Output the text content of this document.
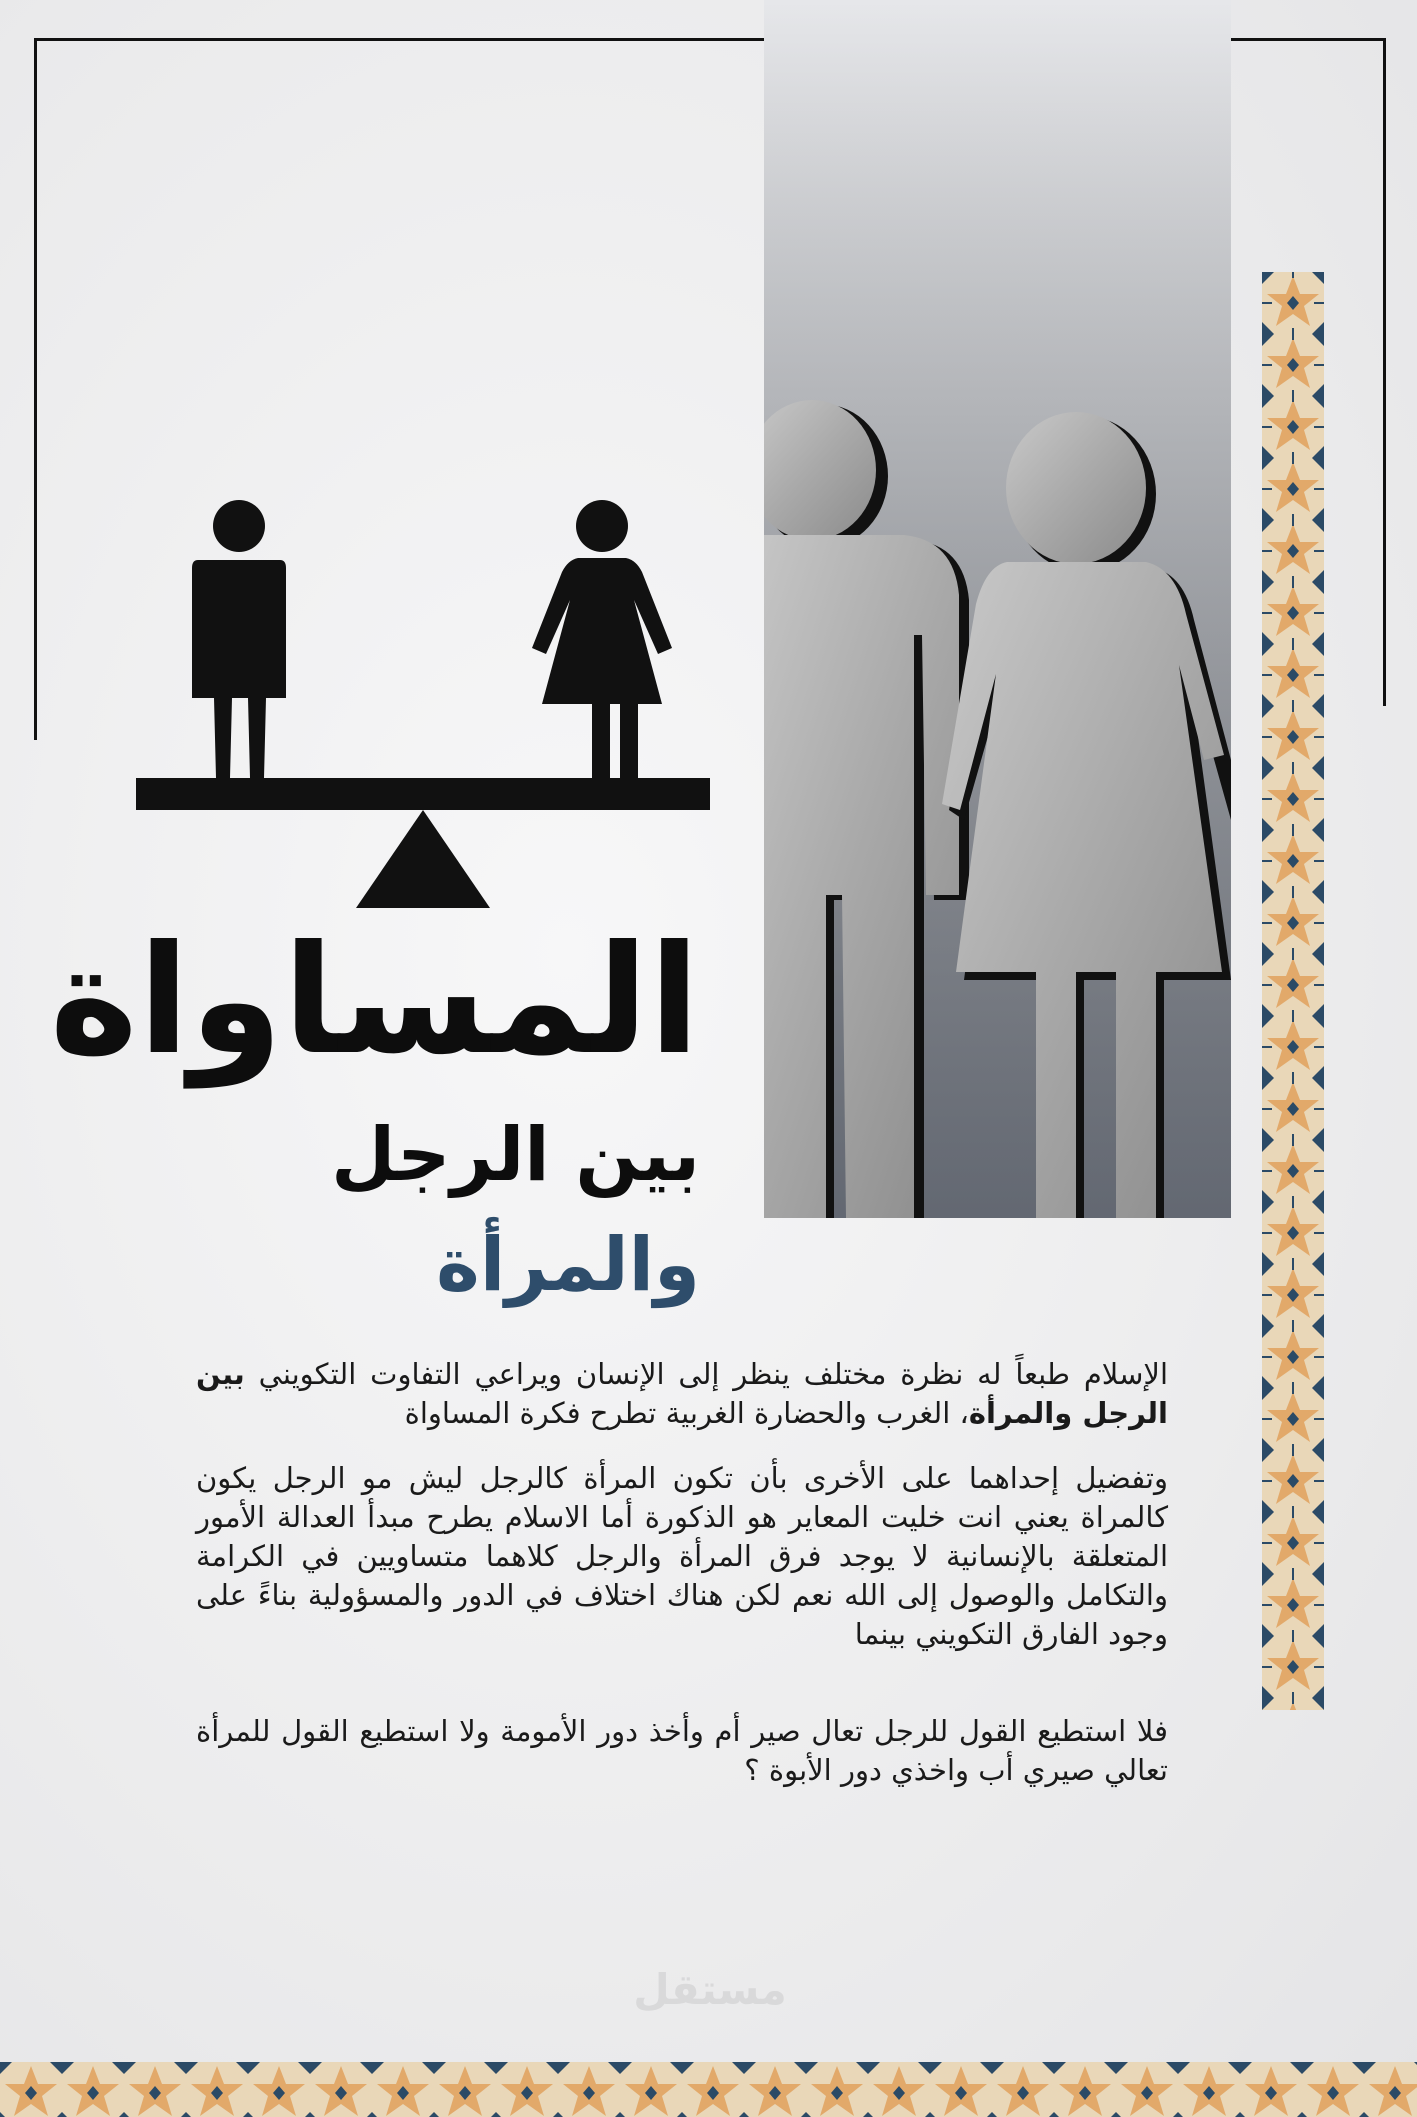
المساواة
بين الرجل والمرأة

الإسلام طبعاً له نظرة مختلف ينظر إلى الإنسان ويراعي التفاوت التكويني بين الرجل والمرأة، الغرب والحضارة الغربية تطرح فكرة المساواة

وتفضيل إحداهما على الأخرى بأن تكون المرأة كالرجل ليش مو الرجل يكون كالمراة يعني انت خليت المعاير هو الذكورة أما الاسلام يطرح مبدأ العدالة الأمور المتعلقة بالإنسانية لا يوجد فرق المرأة والرجل كلاهما متساويين في الكرامة والتكامل والوصول إلى الله نعم لكن هناك اختلاف في الدور والمسؤولية بناءً على وجود الفارق التكويني بينما

فلا استطيع القول للرجل تعال صير أم وأخذ دور الأمومة ولا استطيع القول للمرأة تعالي صيري أب واخذي دور الأبوة ؟

مستقل
